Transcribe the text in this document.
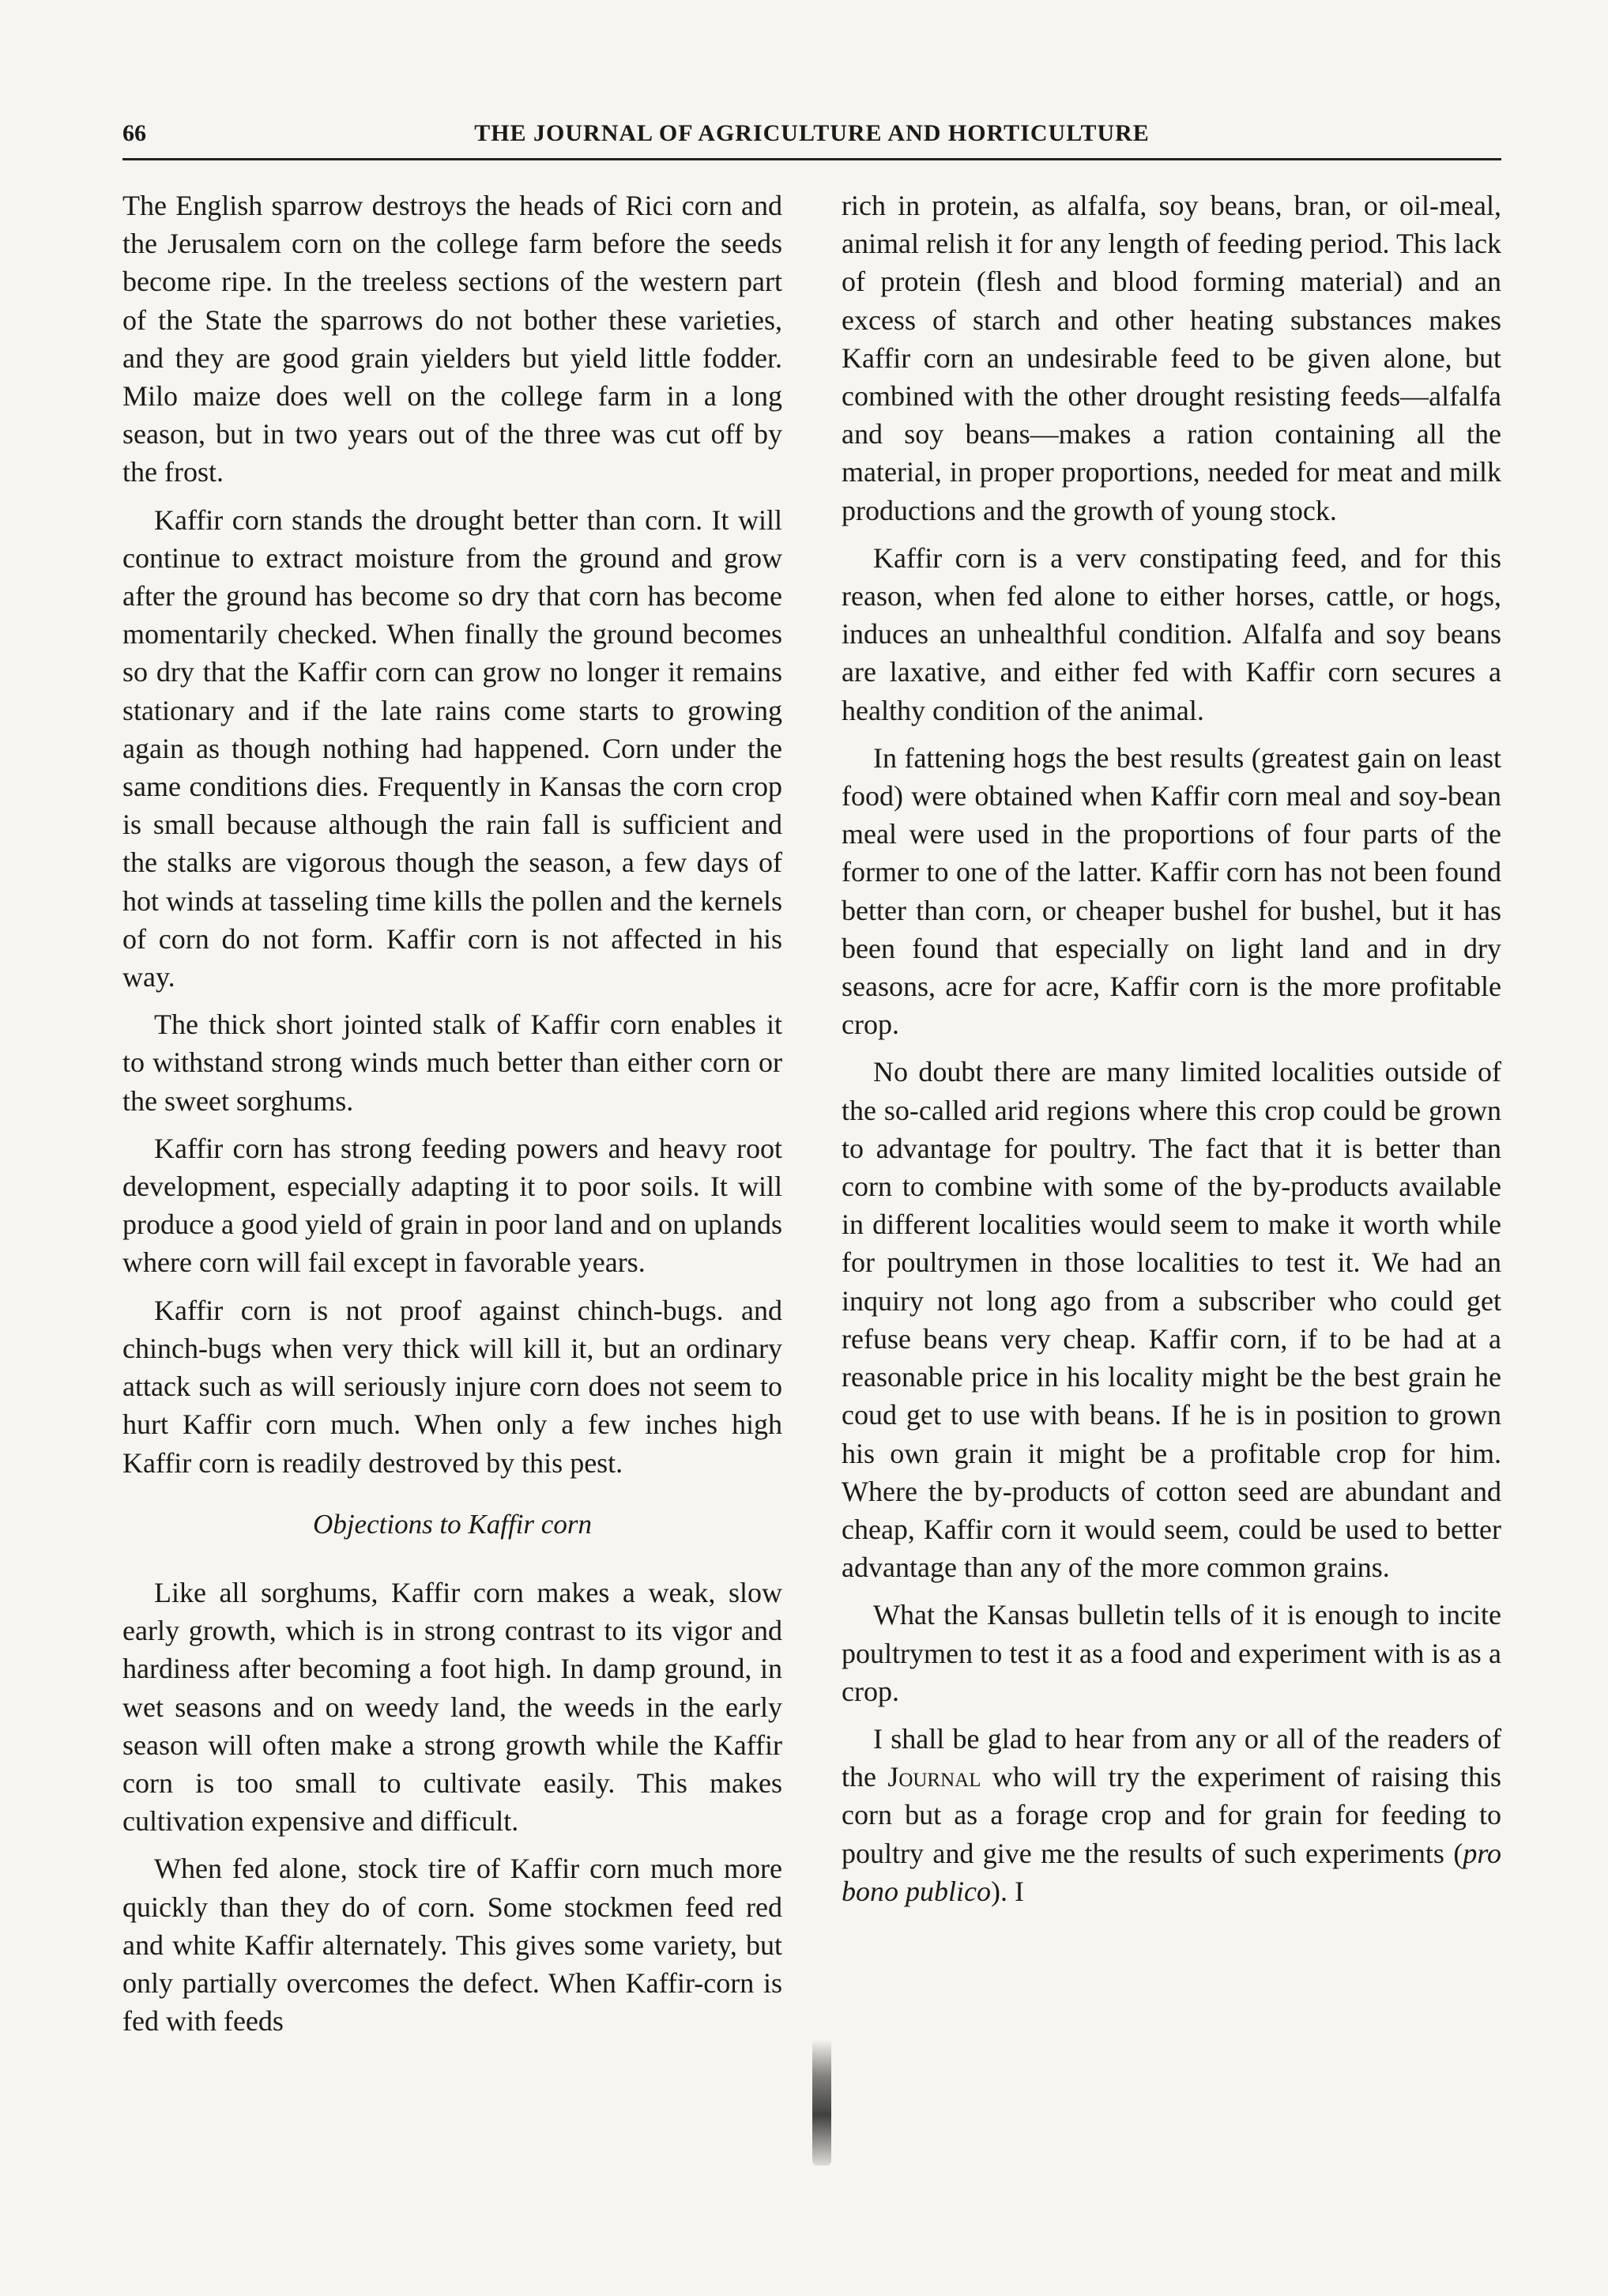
66	THE JOURNAL OF AGRICULTURE AND HORTICULTURE

The English sparrow destroys the heads of Rici corn and the Jerusalem corn on the college farm before the seeds become ripe. In the treeless sections of the western part of the State the sparrows do not bother these varieties, and they are good grain yielders but yield little fodder. Milo maize does well on the college farm in a long season, but in two years out of the three was cut off by the frost.

Kaffir corn stands the drought better than corn. It will continue to extract moisture from the ground and grow after the ground has become so dry that corn has become momentarily checked. When finally the ground becomes so dry that the Kaffir corn can grow no longer it remains stationary and if the late rains come starts to growing again as though nothing had happened. Corn under the same conditions dies. Frequently in Kansas the corn crop is small because although the rain fall is sufficient and the stalks are vigorous though the season, a few days of hot winds at tasseling time kills the pollen and the kernels of corn do not form. Kaffir corn is not affected in his way.

The thick short jointed stalk of Kaffir corn enables it to withstand strong winds much better than either corn or the sweet sorghums.

Kaffir corn has strong feeding powers and heavy root development, especially adapting it to poor soils. It will produce a good yield of grain in poor land and on uplands where corn will fail except in favorable years.

Kaffir corn is not proof against chinch-bugs. and chinch-bugs when very thick will kill it, but an ordinary attack such as will seriously injure corn does not seem to hurt Kaffir corn much. When only a few inches high Kaffir corn is readily destroved by this pest.

Objections to Kaffir corn

Like all sorghums, Kaffir corn makes a weak, slow early growth, which is in strong contrast to its vigor and hardiness after becoming a foot high. In damp ground, in wet seasons and on weedy land, the weeds in the early season will often make a strong growth while the Kaffir corn is too small to cultivate easily. This makes cultivation expensive and difficult.

When fed alone, stock tire of Kaffir corn much more quickly than they do of corn. Some stockmen feed red and white Kaffir alternately. This gives some variety, but only partially overcomes the defect. When Kaffir-corn is fed with feeds

rich in protein, as alfalfa, soy beans, bran, or oil-meal, animal relish it for any length of feeding period. This lack of protein (flesh and blood forming material) and an excess of starch and other heating substances makes Kaffir corn an undesirable feed to be given alone, but combined with the other drought resisting feeds—alfalfa and soy beans—makes a ration containing all the material, in proper proportions, needed for meat and milk productions and the growth of young stock.

Kaffir corn is a verv constipating feed, and for this reason, when fed alone to either horses, cattle, or hogs, induces an unhealthful condition. Alfalfa and soy beans are laxative, and either fed with Kaffir corn secures a healthy condition of the animal.

In fattening hogs the best results (greatest gain on least food) were obtained when Kaffir corn meal and soy-bean meal were used in the proportions of four parts of the former to one of the latter. Kaffir corn has not been found better than corn, or cheaper bushel for bushel, but it has been found that especially on light land and in dry seasons, acre for acre, Kaffir corn is the more profitable crop.

No doubt there are many limited localities outside of the so-called arid regions where this crop could be grown to advantage for poultry. The fact that it is better than corn to combine with some of the by-products available in different localities would seem to make it worth while for poultrymen in those localities to test it. We had an inquiry not long ago from a subscriber who could get refuse beans very cheap. Kaffir corn, if to be had at a reasonable price in his locality might be the best grain he coud get to use with beans. If he is in position to grown his own grain it might be a profitable crop for him. Where the by-products of cotton seed are abundant and cheap, Kaffir corn it would seem, could be used to better advantage than any of the more common grains.

What the Kansas bulletin tells of it is enough to incite poultrymen to test it as a food and experiment with is as a crop.

I shall be glad to hear from any or all of the readers of the Journal who will try the experiment of raising this corn but as a forage crop and for grain for feeding to poultry and give me the results of such experiments (pro bono publico). I
